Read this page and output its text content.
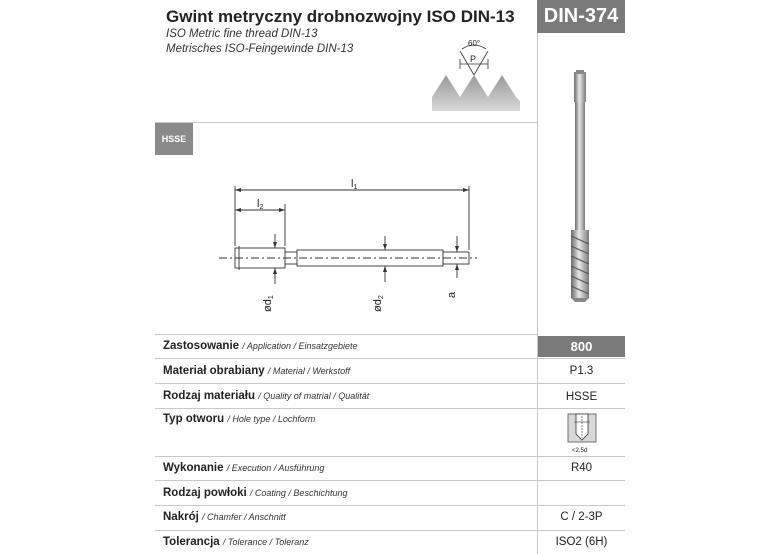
Gwint metryczny drobnozwojny ISO DIN-13
ISO Metric fine thread DIN-13
Metrisches ISO-Feingewinde DIN-13
DIN-374
60°
P
HSSE
l1
l2
ød1
ød2	a
Zastosowanie / Application / Einsatzgebiete	800
Materiał obrabiany / Material / Werkstoff	P1.3
Rodzaj materiału / Quality of matrial / Qualität	HSSE
Typ otworu / Hole type / Lochform
<2,5d
Wykonanie / Execution / Ausführung	R40
Rodzaj powłoki / Coating / Beschichtung
Nakrój / Chamfer / Anschnitt	C / 2-3P
Tolerancja / Tolerance / Toleranz	ISO2 (6H)
